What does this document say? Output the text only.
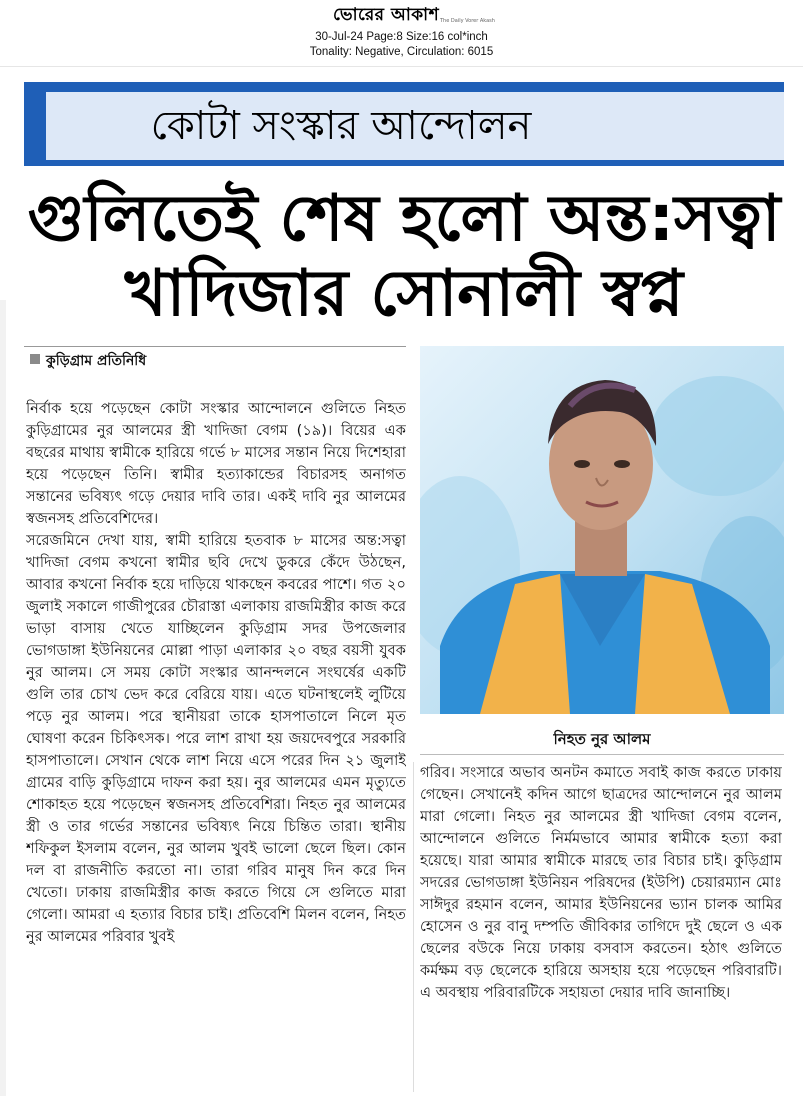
ভোরের আকাশ The Daily Vorer Akash
30-Jul-24 Page:8 Size:16 col*inch
Tonality: Negative, Circulation: 6015
কোটা সংস্কার আন্দোলন
গুলিতেই শেষ হলো অন্ত:সত্বা
খাদিজার সোনালী স্বপ্ন
কুড়িগ্রাম প্রতিনিধি

নির্বাক হয়ে পড়েছেন কোটা সংস্কার আন্দোলনে গুলিতে নিহত কুড়িগ্রামের নুর আলমের স্ত্রী খাদিজা বেগম (১৯)। বিয়ের এক বছরের মাথায় স্বামীকে হারিয়ে গর্ভে ৮ মাসের সন্তান নিয়ে দিশেহারা হয়ে পড়েছেন তিনি। স্বামীর হত্যাকান্ডের বিচারসহ অনাগত সন্তানের ভবিষ্যৎ গড়ে দেয়ার দাবি তার। একই দাবি নুর আলমের স্বজনসহ প্রতিবেশিদের।

সরেজমিনে দেখা যায়, স্বামী হারিয়ে হতবাক ৮ মাসের অন্ত:সত্বা খাদিজা বেগম কখনো স্বামীর ছবি দেখে ডুকরে কেঁদে উঠছেন, আবার কখনো নির্বাক হয়ে দাড়িয়ে থাকছেন কবরের পাশে। গত ২০ জুলাই সকালে গাজীপুরের চৌরাস্তা এলাকায় রাজমিস্ত্রীর কাজ করে ভাড়া বাসায় খেতে যাচ্ছিলেন কুড়িগ্রাম সদর উপজেলার ভোগডাঙ্গা ইউনিয়নের মোল্লা পাড়া এলাকার ২০ বছর বয়সী যুবক নুর আলম। সে সময় কোটা সংস্কার আনন্দলনে সংঘর্ষের একটি গুলি তার চোখ ভেদ করে বেরিয়ে যায়। এতে ঘটনাস্থলেই লুটিয়ে পড়ে নুর আলম। পরে স্থানীয়রা তাকে হাসপাতালে নিলে মৃত ঘোষণা করেন চিকিৎসক। পরে লাশ রাখা হয় জয়দেবপুরে সরকারি হাসপাতালে। সেখান থেকে লাশ নিয়ে এসে পরের দিন ২১ জুলাই গ্রামের বাড়ি কুড়িগ্রামে দাফন করা হয়। নুর আলমের এমন মৃত্যুতে শোকাহত হয়ে পড়েছেন স্বজনসহ প্রতিবেশিরা। নিহত নুর আলমের স্ত্রী ও তার গর্ভের সন্তানের ভবিষ্যৎ নিয়ে চিন্তিত তারা। স্থানীয় শফিকুল ইসলাম বলেন, নুর আলম খুবই ভালো ছেলে ছিল। কোন দল বা রাজনীতি করতো না। তারা গরিব মানুষ দিন করে দিন খেতো। ঢাকায় রাজমিস্ত্রীর কাজ করতে গিয়ে সে গুলিতে মারা গেলো। আমরা এ হত্যার বিচার চাই। প্রতিবেশি মিলন বলেন, নিহত নুর আলমের পরিবার খুবই

নিহত নুর আলম

গরিব। সংসারে অভাব অনটন কমাতে সবাই কাজ করতে ঢাকায় গেছেন। সেখানেই কদিন আগে ছাত্রদের আন্দোলনে নুর আলম মারা গেলো। নিহত নুর আলমের স্ত্রী খাদিজা বেগম বলেন, আন্দোলনে গুলিতে নির্মমভাবে আমার স্বামীকে হত্যা করা হয়েছে। যারা আমার স্বামীকে মারছে তার বিচার চাই। কুড়িগ্রাম সদরের ভোগডাঙ্গা ইউনিয়ন পরিষদের (ইউপি) চেয়ারম্যান মোঃ সাঈদুর রহমান বলেন, আমার ইউনিয়নের ভ্যান চালক আমির হোসেন ও নুর বানু দম্পতি জীবিকার তাগিদে দুই ছেলে ও এক ছেলের বউকে নিয়ে ঢাকায় বসবাস করতেন। হঠাৎ গুলিতে কর্মক্ষম বড় ছেলেকে হারিয়ে অসহায় হয়ে পড়েছেন পরিবারটি। এ অবস্থায় পরিবারটিকে সহায়তা দেয়ার দাবি জানাচ্ছি।
